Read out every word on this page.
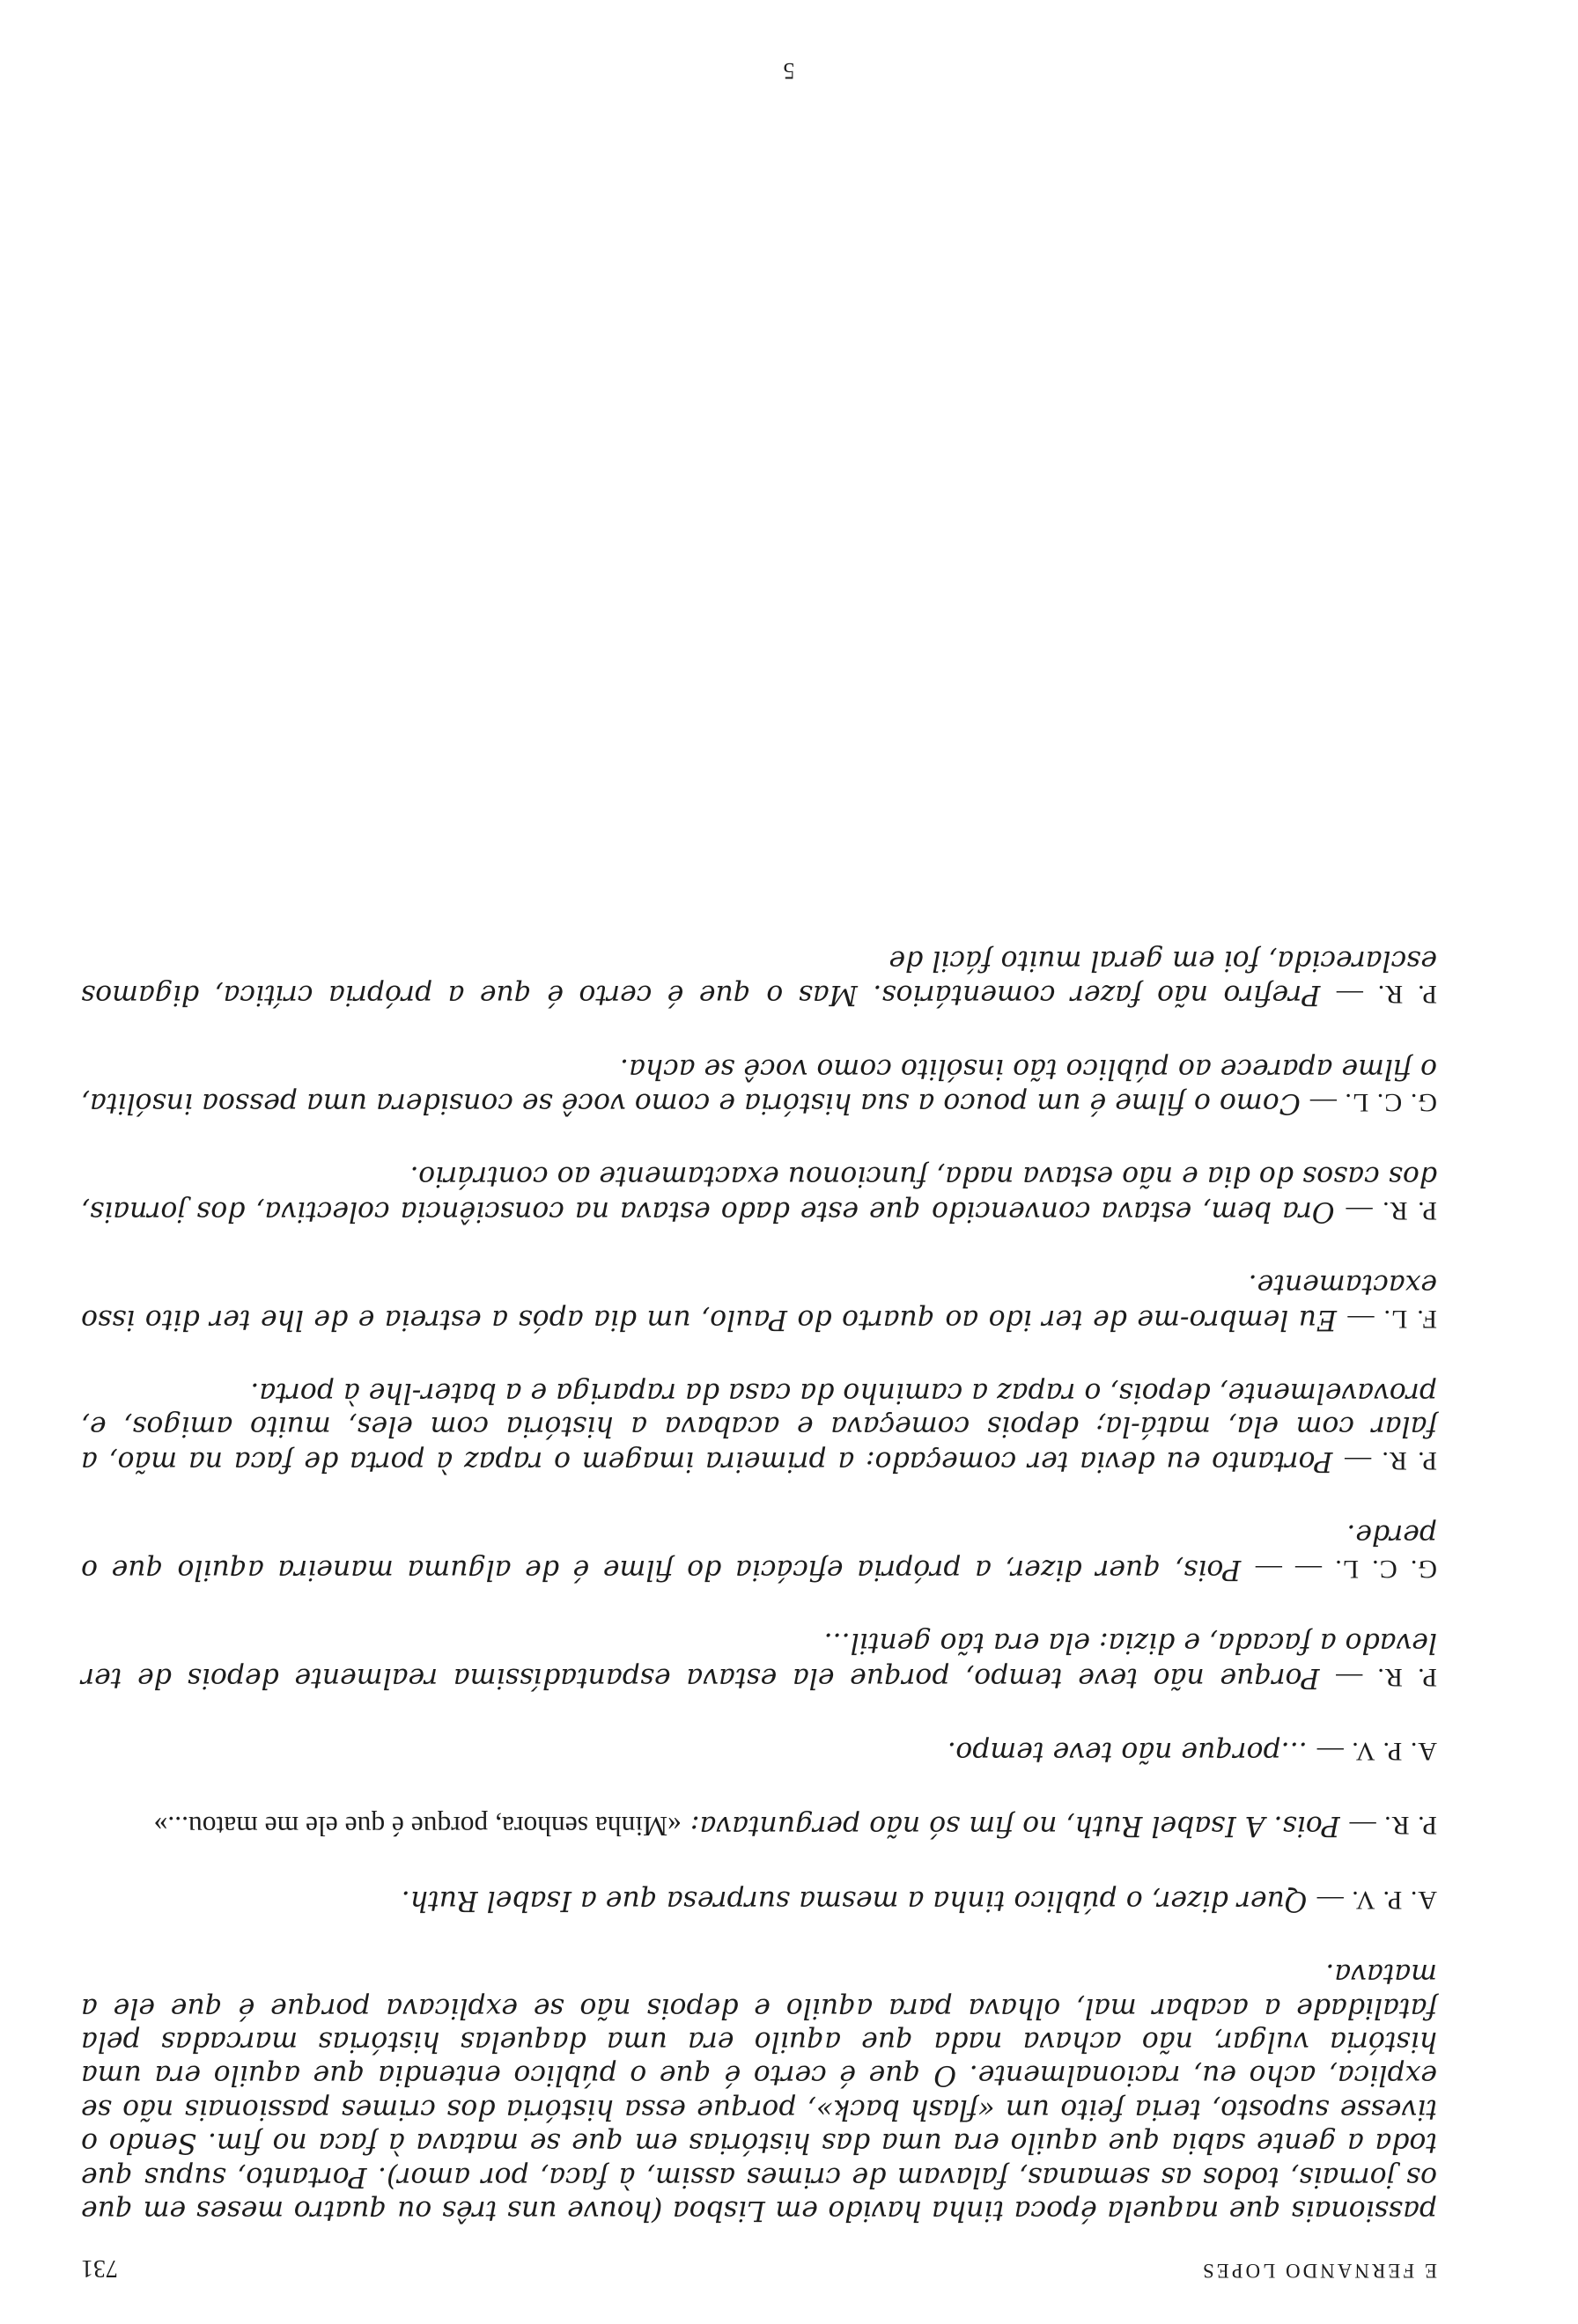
E FERNANDO LOPES
731

passionais que naquela época tinha havido em Lisboa (houve uns três ou quatro meses em que os jornais, todos as semanas, falavam de crimes assim, à faca, por amor). Portanto, supus que toda a gente sabia que aquilo era uma das histórias em que se matava à faca no fim. Sendo o tivesse suposto, teria feito um «flash back», porque essa história dos crimes passionais não se explica, acho eu, racionalmente. O que é certo é que o público entendia que aquilo era uma história vulgar, não achava nada que aquilo era uma daquelas histórias marcadas pela fatalidade a acabar mal, olhava para aquilo e depois não se explicava porque é que ele a matava.

A. P. V. — Quer dizer, o público tinha a mesma surpresa que a Isabel Ruth.

P. R. — Pois. A Isabel Ruth, no fim só não perguntava: «Minha senhora, porque é que ele me matou...»

A. P. V. — ...porque não teve tempo.

P. R. — Porque não teve tempo, porque ela estava espantadíssima realmente depois de ter levado a facada, e dizia: ela era tão gentil...

G. C. L. — — Pois, quer dizer, a própria eficácia do filme é de alguma maneira aquilo que o perde.

P. R. — Portanto eu devia ter começado: a primeira imagem o rapaz à porta de faca na mão, a falar com ela, matá-la; depois começava e acabava a história com eles, muito amigos, e, provavelmente, depois, o rapaz a caminho da casa da rapariga e a bater-lhe à porta.

F. L. — Eu lembro-me de ter ido ao quarto do Paulo, um dia após a estreia e de lhe ter dito isso exactamente.

P. R. — Ora bem, estava convencido que este dado estava na consciência colectiva, dos jornais, dos casos do dia e não estava nada, funcionou exactamente ao contrário.

G. C. L. — Como o filme é um pouco a sua história e como você se considera uma pessoa insólita, o filme aparece ao público tão insólito como você se acha.

P. R. — Prefiro não fazer comentários. Mas o que é certo é que a própria crítica, digamos esclarecida, foi em geral muito fácil de

5
